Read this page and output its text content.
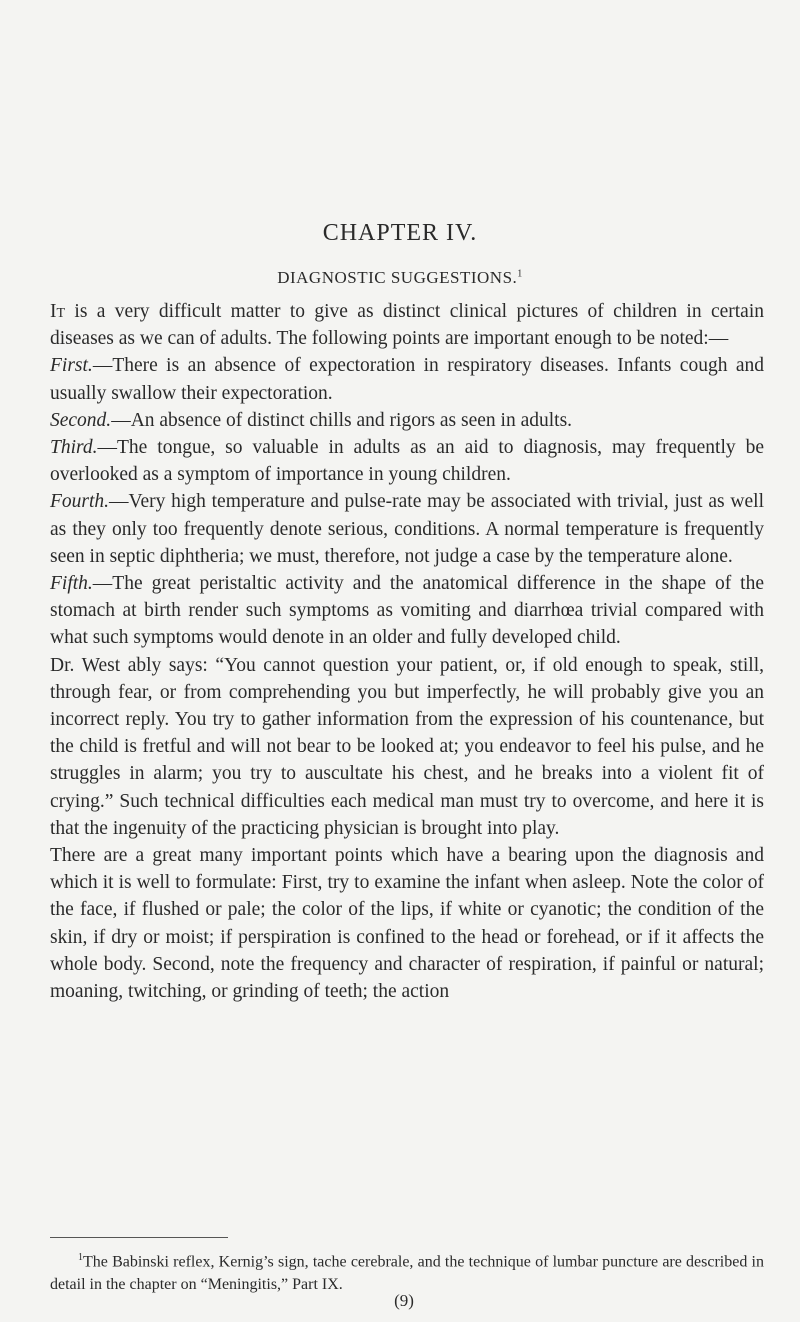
CHAPTER IV.
DIAGNOSTIC SUGGESTIONS.$^1$

It is a very difficult matter to give as distinct clinical pictures of children in certain diseases as we can of adults. The following points are important enough to be noted:—

First.—There is an absence of expectoration in respiratory diseases. Infants cough and usually swallow their expectoration.

Second.—An absence of distinct chills and rigors as seen in adults.

Third.—The tongue, so valuable in adults as an aid to diagnosis, may frequently be overlooked as a symptom of importance in young children.

Fourth.—Very high temperature and pulse-rate may be associated with trivial, just as well as they only too frequently denote serious, conditions. A normal temperature is frequently seen in septic diphtheria; we must, therefore, not judge a case by the temperature alone.

Fifth.—The great peristaltic activity and the anatomical difference in the shape of the stomach at birth render such symptoms as vomiting and diarrhœa trivial compared with what such symptoms would denote in an older and fully developed child.

Dr. West ably says: “You cannot question your patient, or, if old enough to speak, still, through fear, or from comprehending you but imperfectly, he will probably give you an incorrect reply. You try to gather information from the expression of his countenance, but the child is fretful and will not bear to be looked at; you endeavor to feel his pulse, and he struggles in alarm; you try to auscultate his chest, and he breaks into a violent fit of crying.” Such technical difficulties each medical man must try to overcome, and here it is that the ingenuity of the practicing physician is brought into play.

There are a great many important points which have a bearing upon the diagnosis and which it is well to formulate: First, try to examine the infant when asleep. Note the color of the face, if flushed or pale; the color of the lips, if white or cyanotic; the condition of the skin, if dry or moist; if perspiration is confined to the head or forehead, or if it affects the whole body. Second, note the frequency and character of respiration, if painful or natural; moaning, twitching, or grinding of teeth; the action

$^1$The Babinski reflex, Kernig’s sign, tache cerebrale, and the technique of lumbar puncture are described in detail in the chapter on “Meningitis,” Part IX.
(9)
